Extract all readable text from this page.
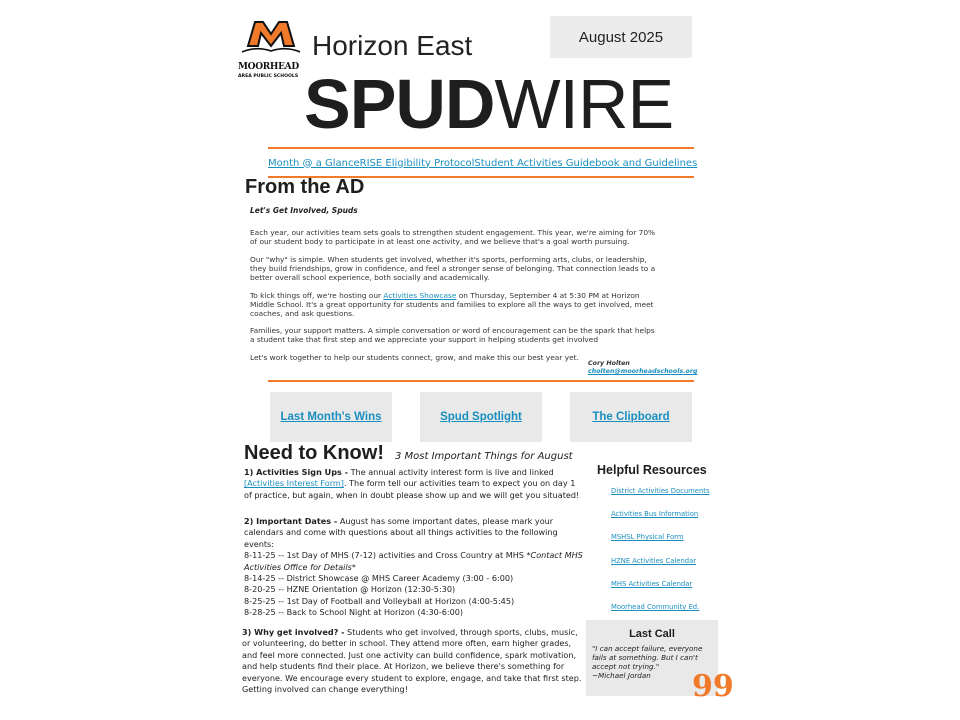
MOORHEAD
AREA PUBLIC SCHOOLS
Horizon East	August 2025
SPUDWIRE
Month @ a Glance RISE Eligibility Protocol Student Activities Guidebook and Guidelines
From the AD
Let's Get Involved, Spuds
Each year, our activities team sets goals to strengthen student engagement. This year, we're aiming for 70% of our student body to participate in at least one activity, and we believe that's a goal worth pursuing.
Our "why" is simple. When students get involved, whether it's sports, performing arts, clubs, or leadership, they build friendships, grow in confidence, and feel a stronger sense of belonging. That connection leads to a better overall school experience, both socially and academically.
To kick things off, we're hosting our Activities Showcase on Thursday, September 4 at 5:30 PM at Horizon Middle School. It's a great opportunity for students and families to explore all the ways to get involved, meet coaches, and ask questions.
Families, your support matters. A simple conversation or word of encouragement can be the spark that helps a student take that first step and we appreciate your support in helping students get involved
Let's work together to help our students connect, grow, and make this our best year yet.
Cory Holten
cholten@moorheadschools.org
Last Month's Wins	Spud Spotlight	The Clipboard
Need to Know! 3 Most Important Things for August
1) Activities Sign Ups - The annual activity interest form is live and linked [Activities Interest Form]. The form tell our activities team to expect you on day 1 of practice, but again, when in doubt please show up and we will get you situated!
2) Important Dates - August has some important dates, please mark your calendars and come with questions about all things activities to the following events:
8-11-25 -- 1st Day of MHS (7-12) activities and Cross Country at MHS *Contact MHS Activities Office for Details*
8-14-25 -- District Showcase @ MHS Career Academy (3:00 - 6:00)
8-20-25 -- HZNE Orientation @ Horizon (12:30-5:30)
8-25-25 -- 1st Day of Football and Volleyball at Horizon (4:00-5:45)
8-28-25 -- Back to School Night at Horizon (4:30-6:00)
3) Why get involved? - Students who get involved, through sports, clubs, music, or volunteering, do better in school. They attend more often, earn higher grades, and feel more connected. Just one activity can build confidence, spark motivation, and help students find their place. At Horizon, we believe there's something for everyone. We encourage every student to explore, engage, and take that first step. Getting involved can change everything!
Helpful Resources
District Activities Documents
Activities Bus Information
MSHSL Physical Form
HZNE Activities Calendar
MHS Activities Calendar
Moorhead Community Ed.
Last Call
"I can accept failure, everyone fails at something. But I can't accept not trying."
~Michael Jordan	99
